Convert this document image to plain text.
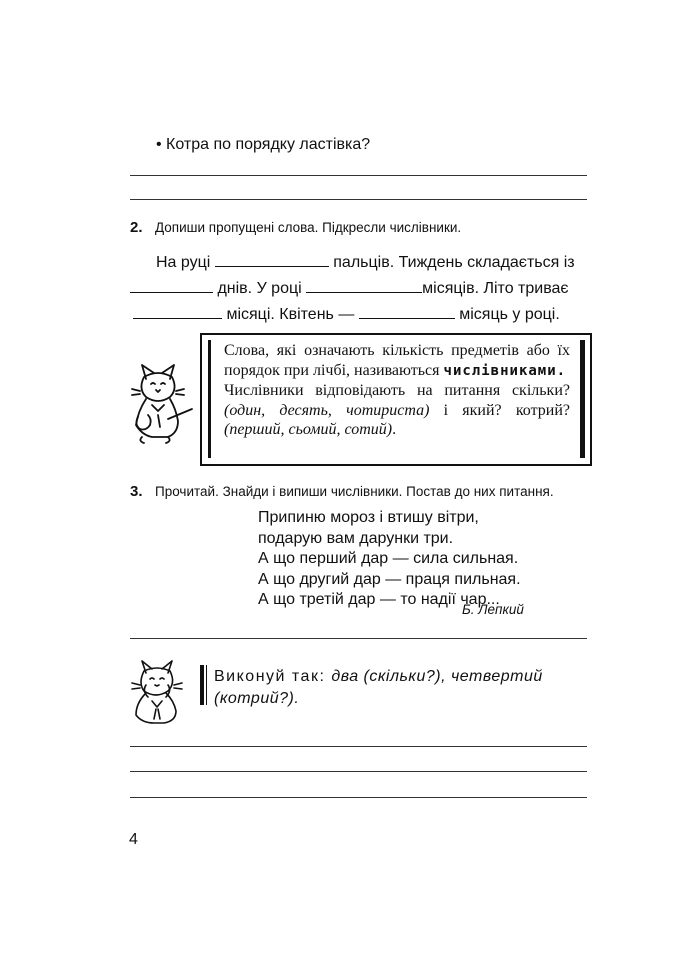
• Котра по порядку ластівка?
2. Допиши пропущені слова. Підкресли числівники.
На руці	пальців. Тиждень складається із
днів. У році	місяців. Літо триває
місяці. Квітень —	місяць у році.
Слова, які означають кількість предметів або їх порядок при лічбі, називаються числівниками.
Числівники відповідають на питання скільки? (один, десять, чотириста) і який? котрий? (перший, сьомий, сотий).
3. Прочитай. Знайди і випиши числівники. Постав до них питання.
Припиню мороз і втишу вітри,
подарую вам дарунки три.
А що перший дар — сила сильная.
А що другий дар — праця пильная.
А що третій дар — то надії чар...
Б. Лепкий
Виконуй так: два (скільки?), четвертий (котрий?).
4
